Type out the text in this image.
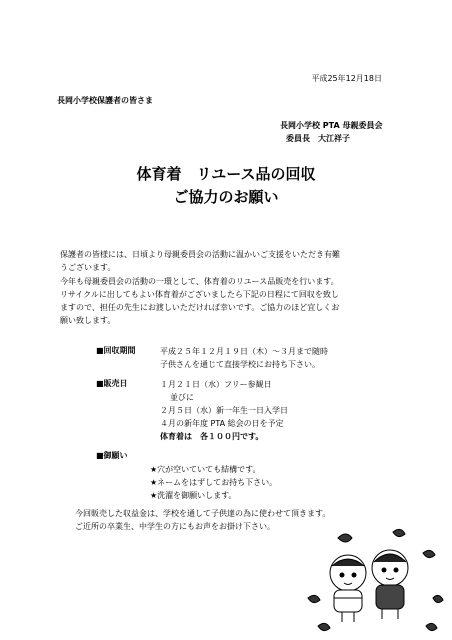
平成25年12月18日
長岡小学校保護者の皆さま
長岡小学校 PTA 母親委員会
委員長　大江祥子
体育着　リユース品の回収
ご協力のお願い
保護者の皆様には、日頃より母親委員会の活動に温かいご支援をいただき有難
うございます。
今年も母親委員会の活動の一環として、体育着のリユース品販売を行います。
リサイクルに出してもよい体育着がございましたら下記の日程にて回収を致し
ますので、担任の先生にお渡しいただければ幸いです。ご協力のほど宜しくお
願い致します。
■回収期間	平成２５年１２月１９日（木）～３月まで随時
子供さんを通じて直接学校にお持ち下さい。
■販売日	１月２１日（水）フリー参観日
並びに
２月５日（水）新一年生一日入学日
４月の新年度 PTA 総会の日を予定
体育着は　各１００円です。
■御願い
★穴が空いていても結構です。
★ネームをはずしてお持ち下さい。
★洗濯を御願いします。
今回販売した収益金は、学校を通して子供達の為に使わせて頂きます。
ご近所の卒業生、中学生の方にもお声をお掛け下さい。
